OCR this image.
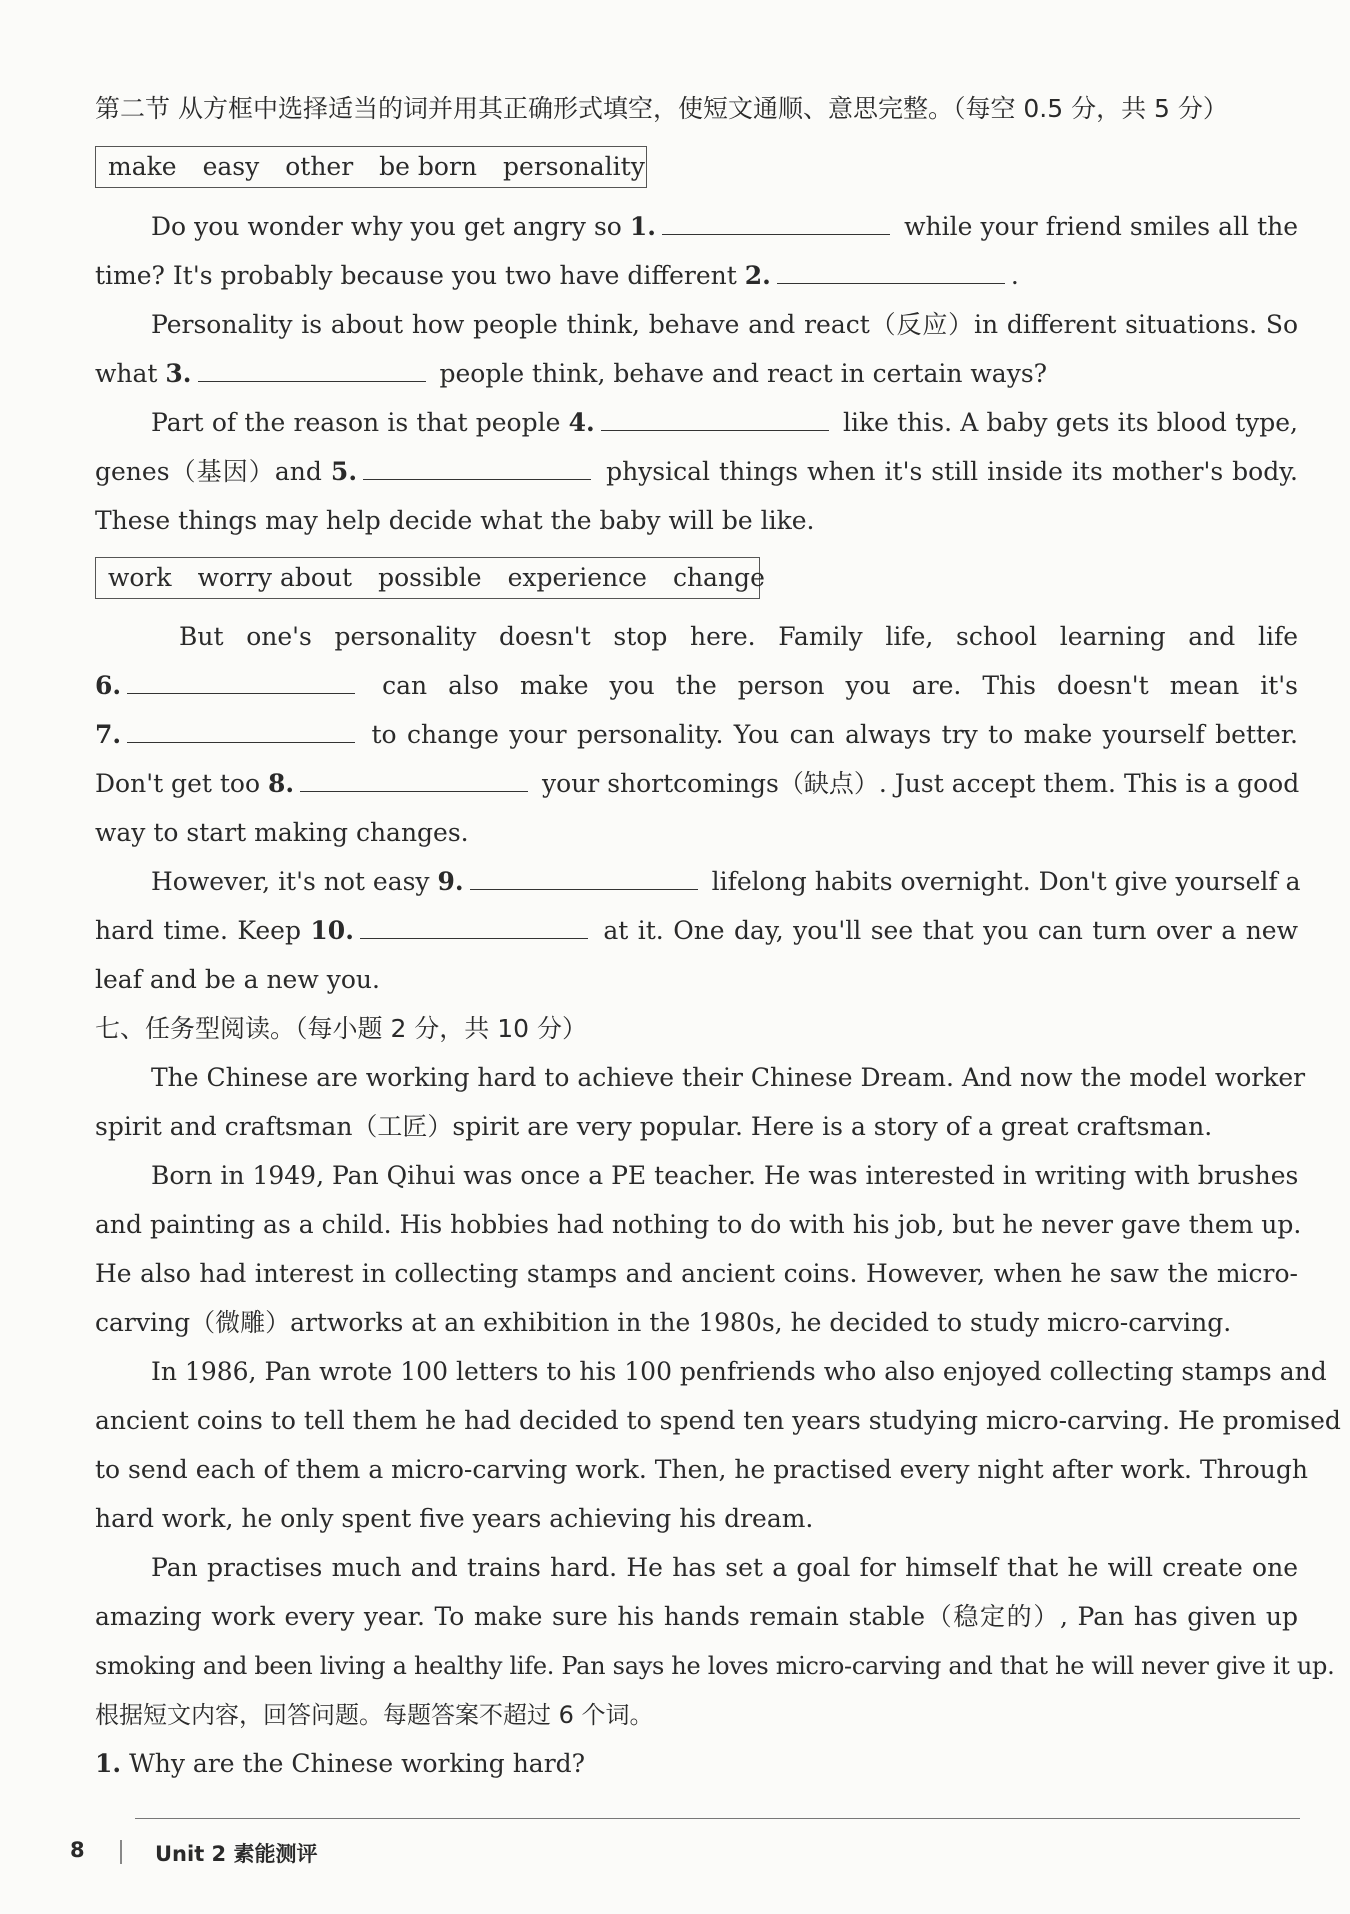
第二节 从方框中选择适当的词并用其正确形式填空，使短文通顺、意思完整。（每空 0.5 分，共 5 分）
make easy other be born personality
Do you wonder why you get angry so 1.	while your friend smiles all the
time? It's probably because you two have different 2.	.
Personality is about how people think, behave and react（反应）in different situations. So
what 3.	people think, behave and react in certain ways?
Part of the reason is that people 4.	like this. A baby gets its blood type,
genes（基因）and 5.	physical things when it's still inside its mother's body.
These things may help decide what the baby will be like.
work worry about possible experience change
But one's personality doesn't stop here. Family life, school learning and life
6.	can also make you the person you are. This doesn't mean it's
7.	to change your personality. You can always try to make yourself better.
Don't get too 8.	your shortcomings（缺点）. Just accept them. This is a good
way to start making changes.
However, it's not easy 9.	lifelong habits overnight. Don't give yourself a
hard time. Keep 10.	at it. One day, you'll see that you can turn over a new
leaf and be a new you.
七、任务型阅读。（每小题 2 分，共 10 分）
The Chinese are working hard to achieve their Chinese Dream. And now the model worker
spirit and craftsman（工匠）spirit are very popular. Here is a story of a great craftsman.
Born in 1949, Pan Qihui was once a PE teacher. He was interested in writing with brushes
and painting as a child. His hobbies had nothing to do with his job, but he never gave them up.
He also had interest in collecting stamps and ancient coins. However, when he saw the micro-
carving（微雕）artworks at an exhibition in the 1980s, he decided to study micro-carving.
In 1986, Pan wrote 100 letters to his 100 penfriends who also enjoyed collecting stamps and
ancient coins to tell them he had decided to spend ten years studying micro-carving. He promised
to send each of them a micro-carving work. Then, he practised every night after work. Through
hard work, he only spent five years achieving his dream.
Pan practises much and trains hard. He has set a goal for himself that he will create one
amazing work every year. To make sure his hands remain stable（稳定的）, Pan has given up
smoking and been living a healthy life. Pan says he loves micro-carving and that he will never give it up.
根据短文内容，回答问题。每题答案不超过 6 个词。
1. Why are the Chinese working hard?
8	Unit 2 素能测评
